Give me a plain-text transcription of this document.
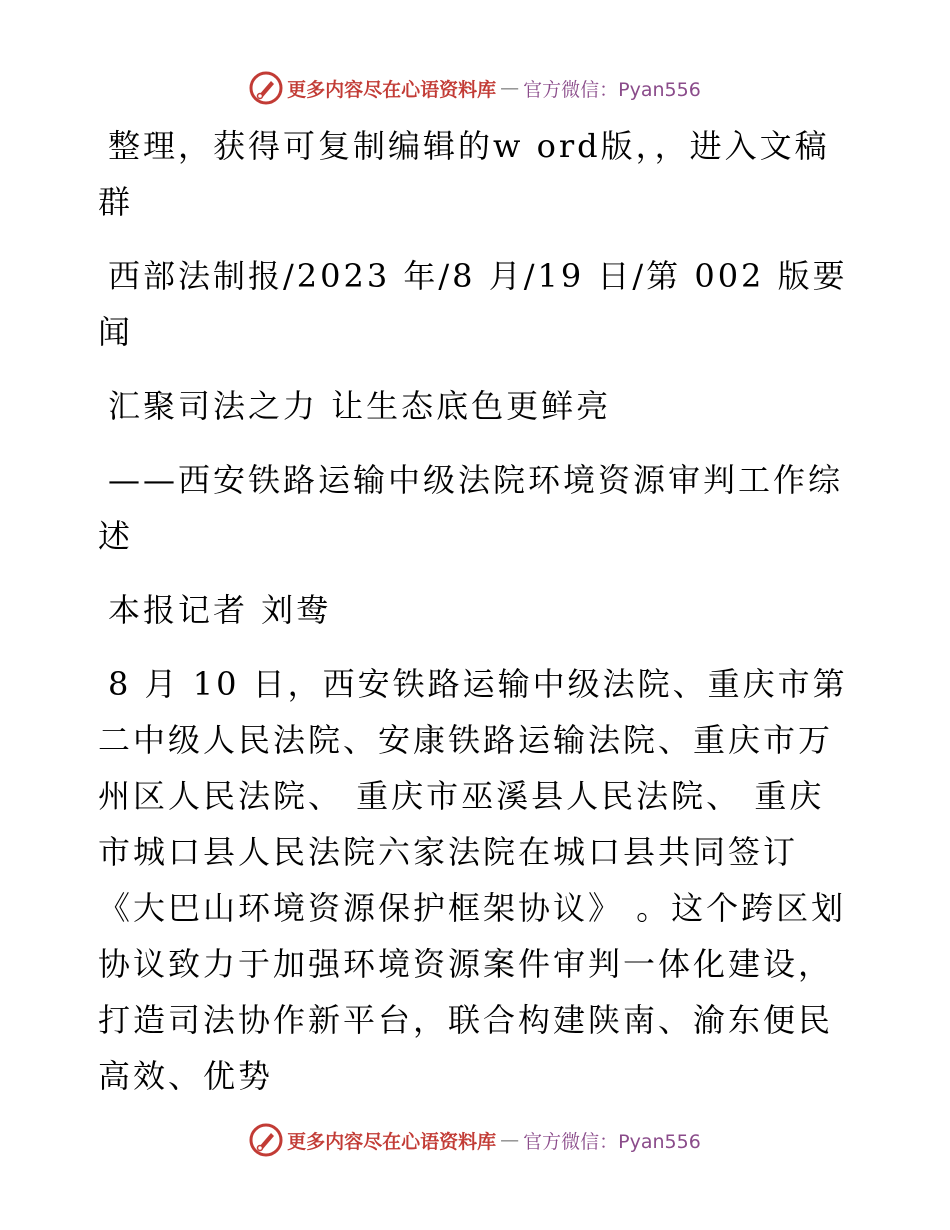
更多内容尽在心语资料库 — 官方微信：Pyan556

整理，获得可复制编辑的w ord版，，进入文稿群

西部法制报/2023 年/8 月/19 日/第 002 版要闻

汇聚司法之力 让生态底色更鲜亮

——西安铁路运输中级法院环境资源审判工作综述

本报记者 刘鸯

8 月 10 日，西安铁路运输中级法院、重庆市第二中级人民法院、安康铁路运输法院、重庆市万州区人民法院、 重庆市巫溪县人民法院、 重庆市城口县人民法院六家法院在城口县共同签订 《大巴山环境资源保护框架协议》 。这个跨区划协议致力于加强环境资源案件审判一体化建设，打造司法协作新平台，联合构建陕南、渝东便民高效、优势

更多内容尽在心语资料库 — 官方微信：Pyan556
